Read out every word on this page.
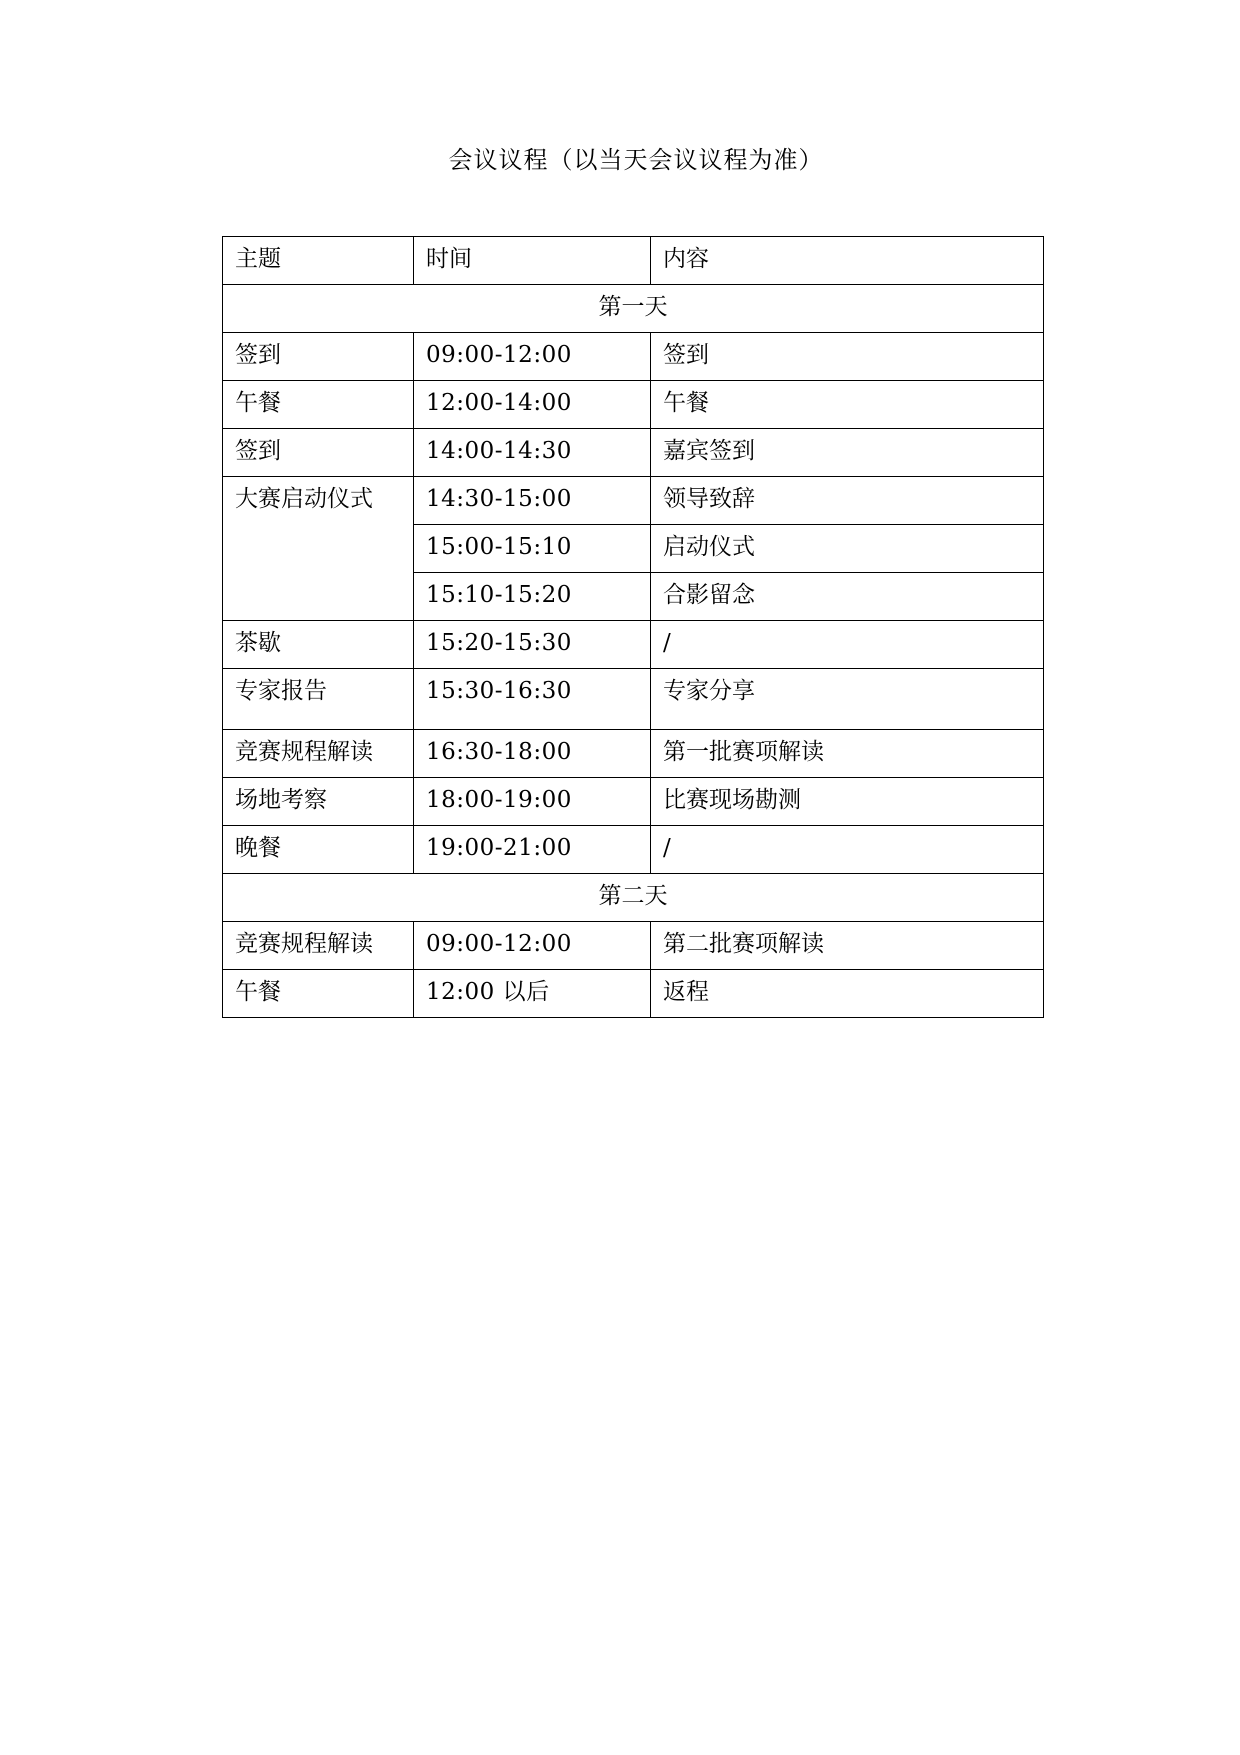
会议议程（以当天会议议程为准）
主题	时间	内容
第一天		
签到	09:00-12:00	签到
午餐	12:00-14:00	午餐
签到	14:00-14:30	嘉宾签到
大赛启动仪式	14:30-15:00	领导致辞
	15:00-15:10	启动仪式
	15:10-15:20	合影留念
茶歇	15:20-15:30	/
专家报告	15:30-16:30	专家分享
竞赛规程解读	16:30-18:00	第一批赛项解读
场地考察	18:00-19:00	比赛现场勘测
晚餐	19:00-21:00	/
第二天		
竞赛规程解读	09:00-12:00	第二批赛项解读
午餐	12:00 以后	返程
